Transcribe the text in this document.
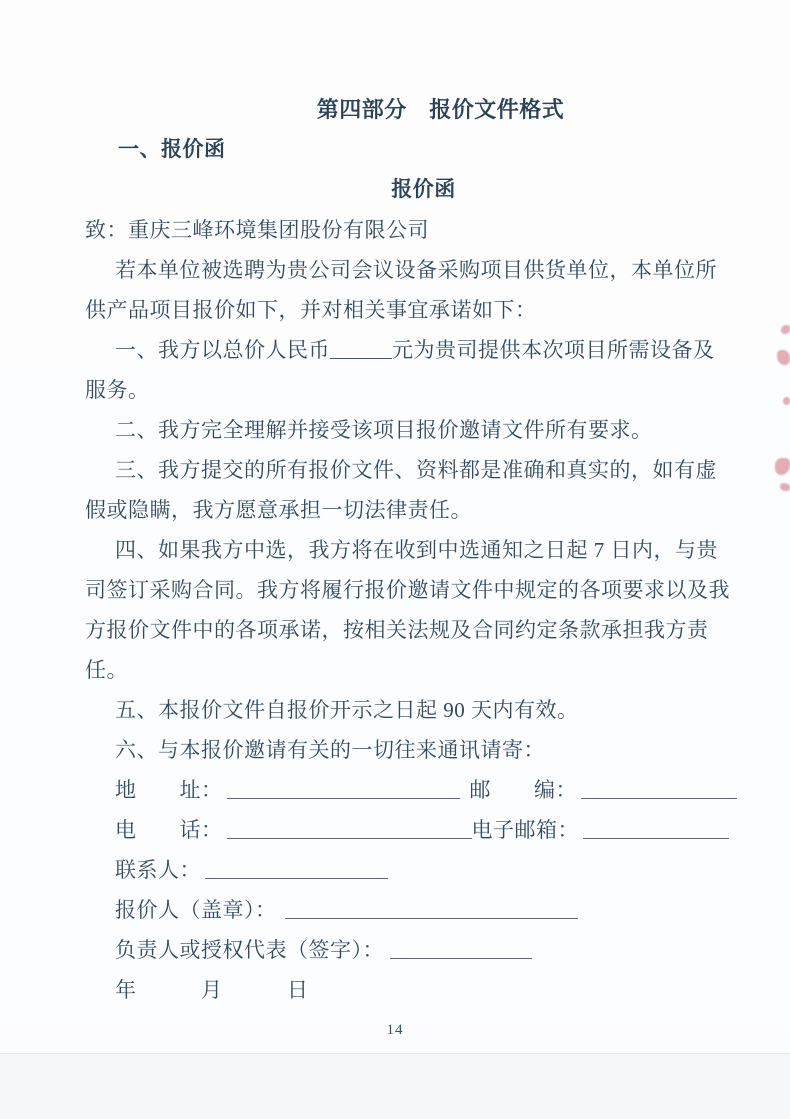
第四部分　报价文件格式
一、报价函
报价函
致：重庆三峰环境集团股份有限公司
若本单位被选聘为贵公司会议设备采购项目供货单位，本单位所
供产品项目报价如下，并对相关事宜承诺如下：
一、我方以总价人民币	元为贵司提供本次项目所需设备及
服务。
二、我方完全理解并接受该项目报价邀请文件所有要求。
三、我方提交的所有报价文件、资料都是准确和真实的，如有虚
假或隐瞒，我方愿意承担一切法律责任。
四、如果我方中选，我方将在收到中选通知之日起 7 日内，与贵
司签订采购合同。我方将履行报价邀请文件中规定的各项要求以及我
方报价文件中的各项承诺，按相关法规及合同约定条款承担我方责
任。
五、本报价文件自报价开示之日起 90 天内有效。
六、与本报价邀请有关的一切往来通讯请寄：
地　　址：	邮　　编：
电　　话：	电子邮箱：
联系人：
报价人（盖章）：
负责人或授权代表（签字）：
年　　　月　　　日
14
